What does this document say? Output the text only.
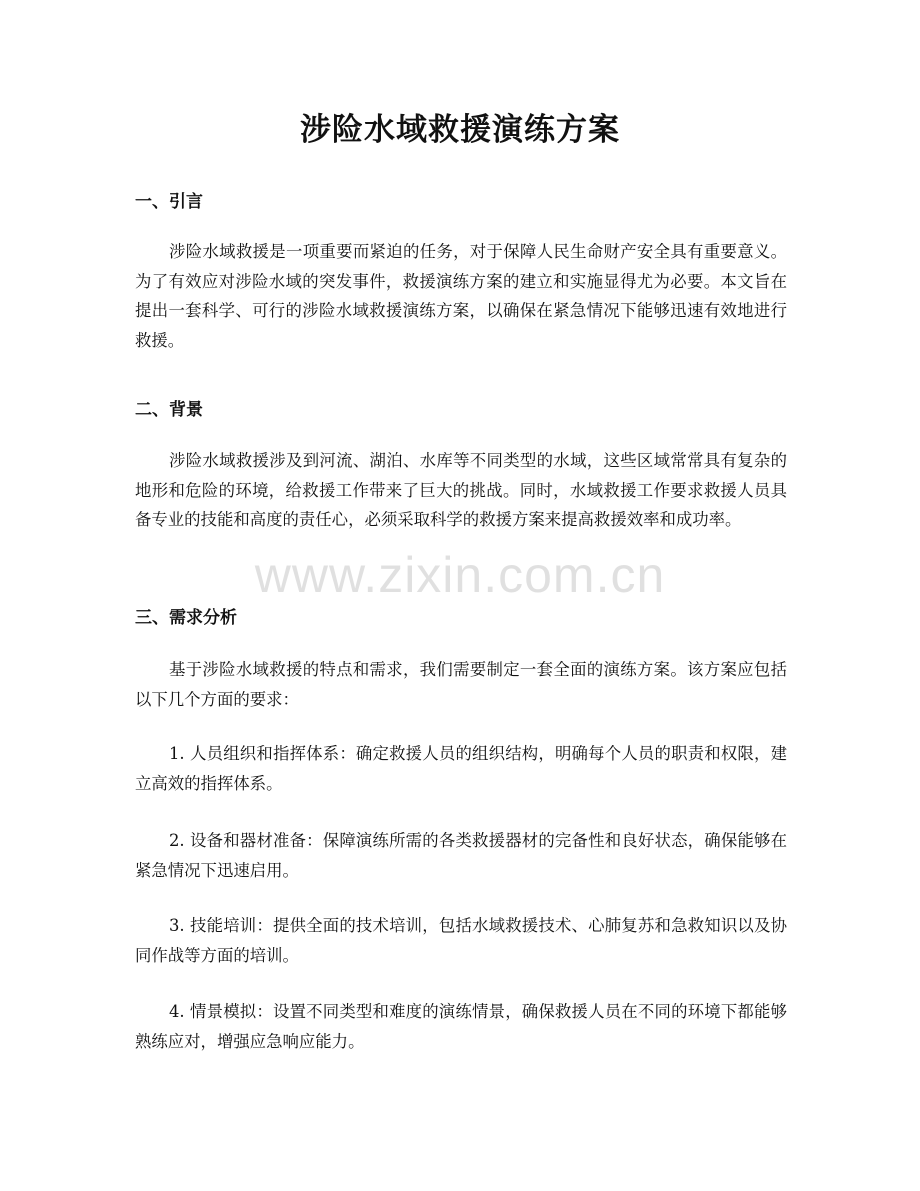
涉险水域救援演练方案
一、引言

涉险水域救援是一项重要而紧迫的任务，对于保障人民生命财产安全具有重要意义。为了有效应对涉险水域的突发事件，救援演练方案的建立和实施显得尤为必要。本文旨在提出一套科学、可行的涉险水域救援演练方案，以确保在紧急情况下能够迅速有效地进行救援。

二、背景

涉险水域救援涉及到河流、湖泊、水库等不同类型的水域，这些区域常常具有复杂的地形和危险的环境，给救援工作带来了巨大的挑战。同时，水域救援工作要求救援人员具备专业的技能和高度的责任心，必须采取科学的救援方案来提高救援效率和成功率。

三、需求分析

基于涉险水域救援的特点和需求，我们需要制定一套全面的演练方案。该方案应包括以下几个方面的要求：

1. 人员组织和指挥体系：确定救援人员的组织结构，明确每个人员的职责和权限，建立高效的指挥体系。

2. 设备和器材准备：保障演练所需的各类救援器材的完备性和良好状态，确保能够在紧急情况下迅速启用。

3. 技能培训：提供全面的技术培训，包括水域救援技术、心肺复苏和急救知识以及协同作战等方面的培训。

4. 情景模拟：设置不同类型和难度的演练情景，确保救援人员在不同的环境下都能够熟练应对，增强应急响应能力。

www.zixin.com.cn
